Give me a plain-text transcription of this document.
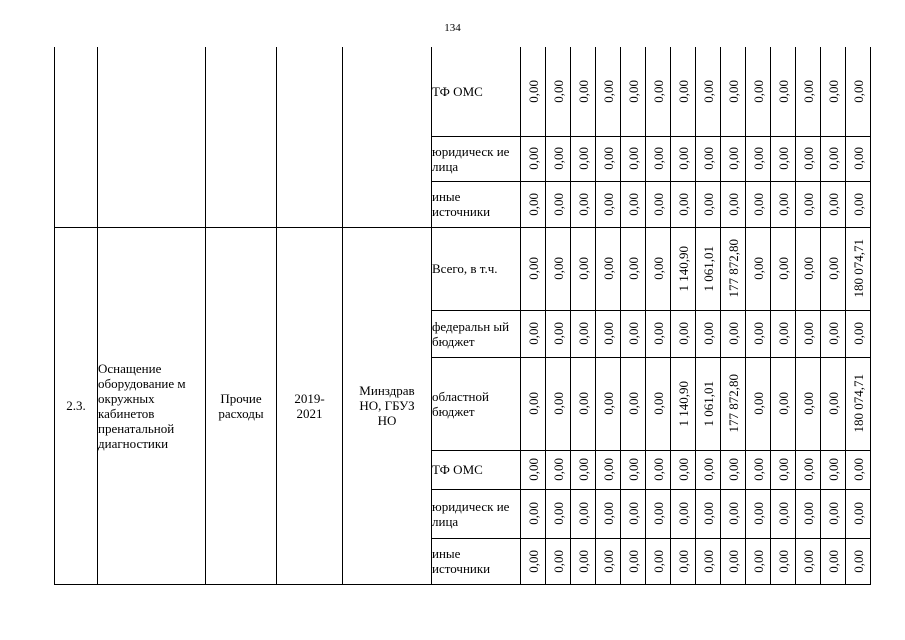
134
					ТФ ОМС	0,00	0,00	0,00	0,00	0,00	0,00	0,00	0,00	0,00	0,00	0,00	0,00	0,00	0,00

					юридическ ие лица	0,00	0,00	0,00	0,00	0,00	0,00	0,00	0,00	0,00	0,00	0,00	0,00	0,00	0,00

					иные источники	0,00	0,00	0,00	0,00	0,00	0,00	0,00	0,00	0,00	0,00	0,00	0,00	0,00	0,00

2.3.	Оснащение оборудование м окружных кабинетов пренатальной диагностики	Прочие расходы	2019-2021	Минздрав НО, ГБУЗ НО	Всего, в т.ч.	0,00	0,00	0,00	0,00	0,00	0,00	1 140,90	1 061,01	177 872,80	0,00	0,00	0,00	0,00	180 074,71

					федеральн ый бюджет	0,00	0,00	0,00	0,00	0,00	0,00	0,00	0,00	0,00	0,00	0,00	0,00	0,00	0,00

					областной бюджет	0,00	0,00	0,00	0,00	0,00	0,00	1 140,90	1 061,01	177 872,80	0,00	0,00	0,00	0,00	180 074,71

					ТФ ОМС	0,00	0,00	0,00	0,00	0,00	0,00	0,00	0,00	0,00	0,00	0,00	0,00	0,00	0,00

					юридическ ие лица	0,00	0,00	0,00	0,00	0,00	0,00	0,00	0,00	0,00	0,00	0,00	0,00	0,00	0,00

					иные источники	0,00	0,00	0,00	0,00	0,00	0,00	0,00	0,00	0,00	0,00	0,00	0,00	0,00	0,00
